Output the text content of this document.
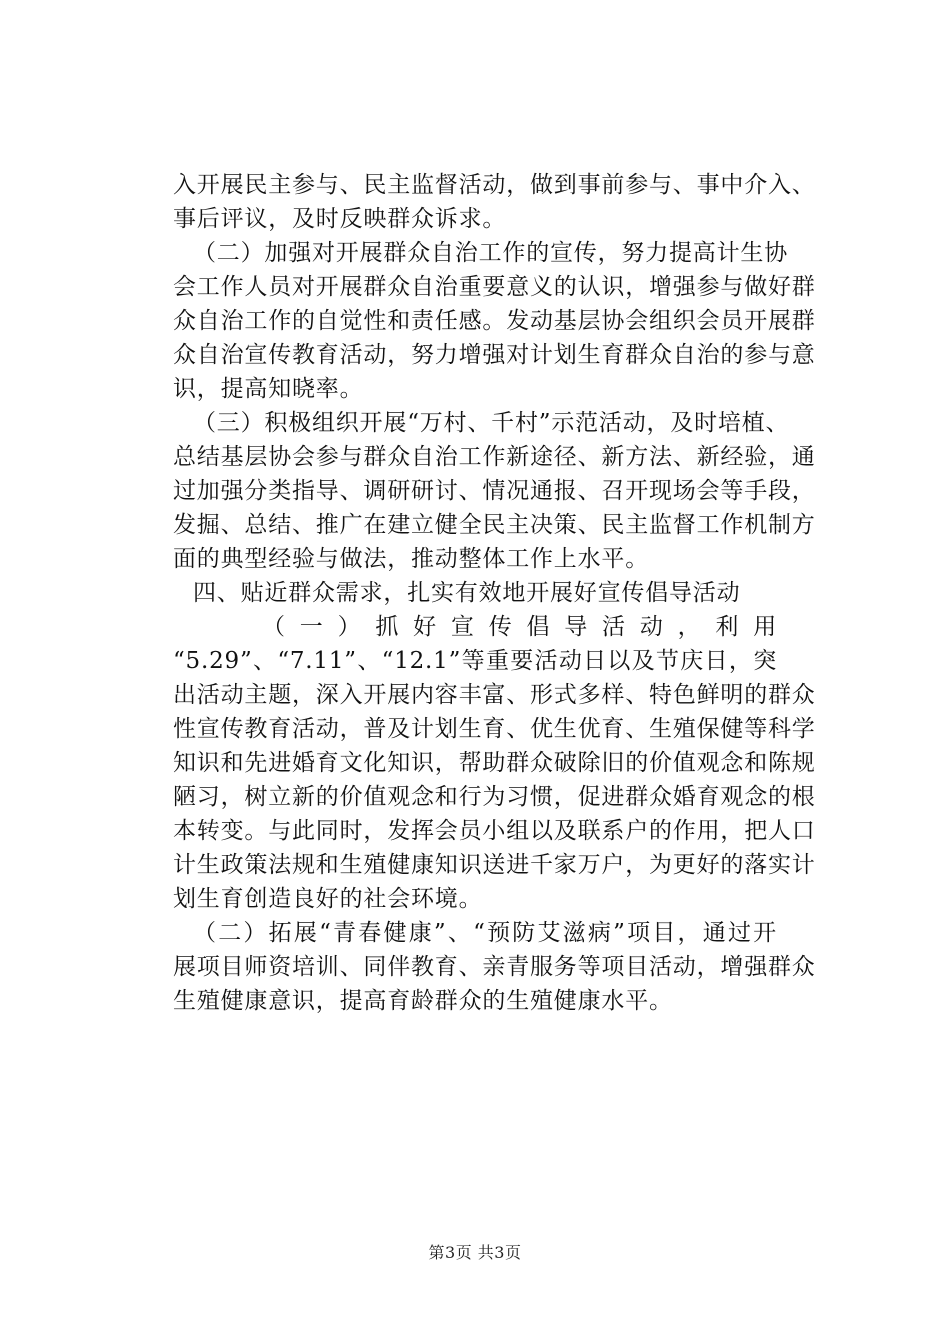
入开展民主参与、民主监督活动，做到事前参与、事中介入、
事后评议，及时反映群众诉求。
（二）加强对开展群众自治工作的宣传，努力提高计生协
会工作人员对开展群众自治重要意义的认识，增强参与做好群
众自治工作的自觉性和责任感。发动基层协会组织会员开展群
众自治宣传教育活动，努力增强对计划生育群众自治的参与意
识，提高知晓率。
（三）积极组织开展“万村、千村”示范活动，及时培植、
总结基层协会参与群众自治工作新途径、新方法、新经验，通
过加强分类指导、调研研讨、情况通报、召开现场会等手段，
发掘、总结、推广在建立健全民主决策、民主监督工作机制方
面的典型经验与做法，推动整体工作上水平。
四、贴近群众需求，扎实有效地开展好宣传倡导活动
（一）抓好宣传倡导活动，利用
“5.29”、“7.11”、“12.1”等重要活动日以及节庆日，突
出活动主题，深入开展内容丰富、形式多样、特色鲜明的群众
性宣传教育活动，普及计划生育、优生优育、生殖保健等科学
知识和先进婚育文化知识，帮助群众破除旧的价值观念和陈规
陋习，树立新的价值观念和行为习惯，促进群众婚育观念的根
本转变。与此同时，发挥会员小组以及联系户的作用，把人口
计生政策法规和生殖健康知识送进千家万户，为更好的落实计
划生育创造良好的社会环境。
（二）拓展“青春健康”、“预防艾滋病”项目，通过开
展项目师资培训、同伴教育、亲青服务等项目活动，增强群众
生殖健康意识，提高育龄群众的生殖健康水平。
第3页 共3页
